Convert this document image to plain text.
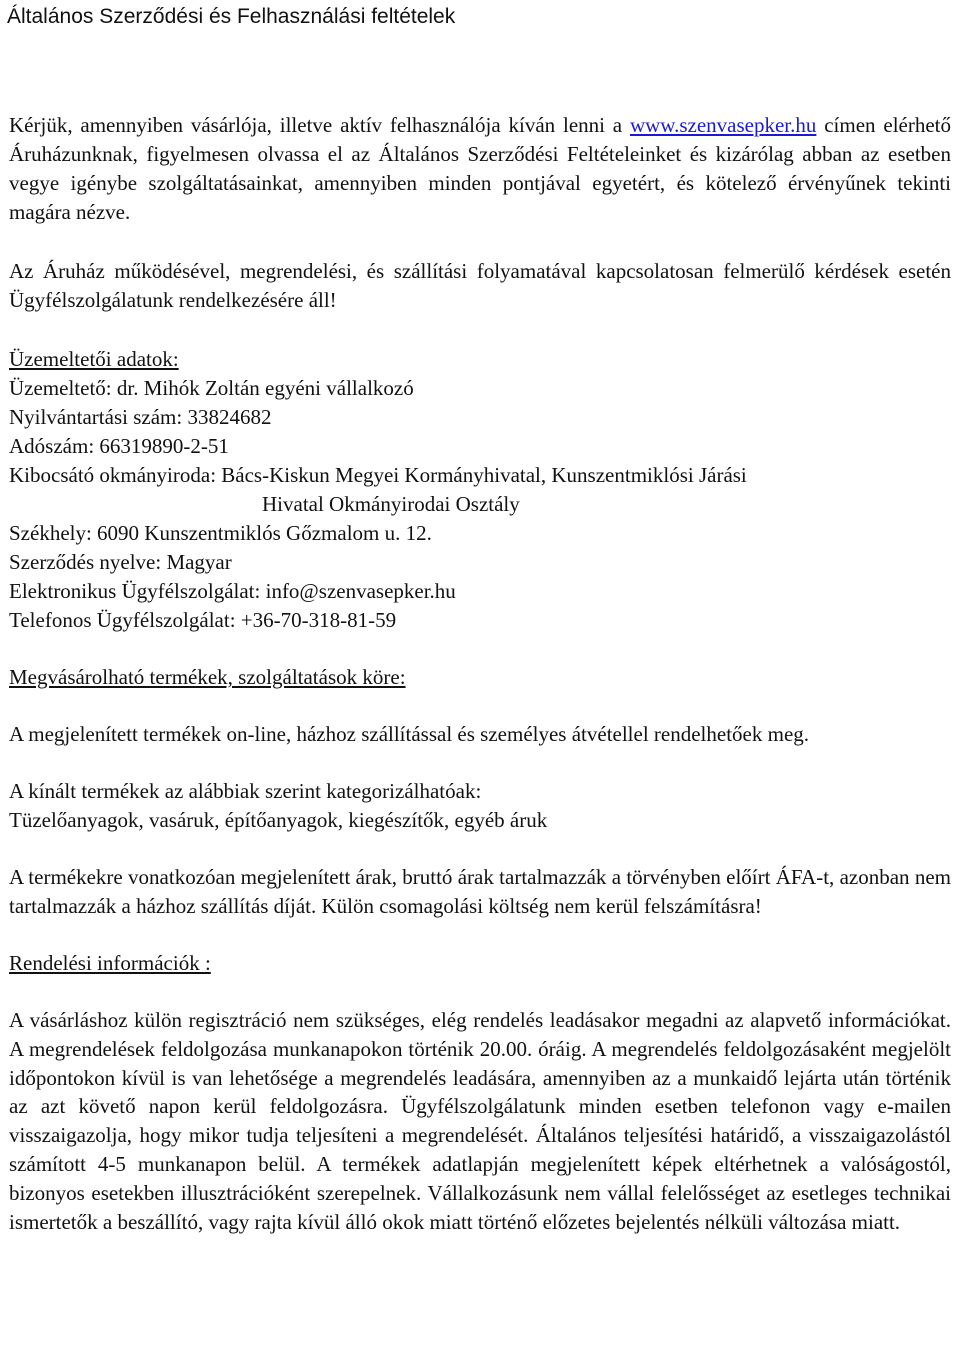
Általános Szerződési és Felhasználási feltételek

Kérjük, amennyiben vásárlója, illetve aktív felhasználója kíván lenni a www.szenvasepker.hu címen elérhető Áruházunknak, figyelmesen olvassa el az Általános Szerződési Feltételeinket és kizárólag abban az esetben vegye igénybe szolgáltatásainkat, amennyiben minden pontjával egyetért, és kötelező érvényűnek tekinti magára nézve.

Az Áruház működésével, megrendelési, és szállítási folyamatával kapcsolatosan felmerülő kérdések esetén Ügyfélszolgálatunk rendelkezésére áll!

Üzemeltetői adatok:
Üzemeltető: dr. Mihók Zoltán egyéni vállalkozó
Nyilvántartási szám: 33824682
Adószám: 66319890-2-51
Kibocsátó okmányiroda: Bács-Kiskun Megyei Kormányhivatal, Kunszentmiklósi Járási
Hivatal Okmányirodai Osztály
Székhely: 6090 Kunszentmiklós Gőzmalom u. 12.
Szerződés nyelve: Magyar
Elektronikus Ügyfélszolgálat: info@szenvasepker.hu
Telefonos Ügyfélszolgálat: +36-70-318-81-59
Megvásárolható termékek, szolgáltatások köre:

A megjelenített termékek on-line, házhoz szállítással és személyes átvétellel rendelhetőek meg.

A kínált termékek az alábbiak szerint kategorizálhatóak:
Tüzelőanyagok, vasáruk, építőanyagok, kiegészítők, egyéb áruk

A termékekre vonatkozóan megjelenített árak, bruttó árak tartalmazzák a törvényben előírt ÁFA-t, azonban nem tartalmazzák a házhoz szállítás díját. Külön csomagolási költség nem kerül felszámításra!

Rendelési információk :

A vásárláshoz külön regisztráció nem szükséges, elég rendelés leadásakor megadni az alapvető információkat. A megrendelések feldolgozása munkanapokon történik 20.00. óráig. A megrendelés feldolgozásaként megjelölt időpontokon kívül is van lehetősége a megrendelés leadására, amennyiben az a munkaidő lejárta után történik az azt követő napon kerül feldolgozásra. Ügyfélszolgálatunk minden esetben telefonon vagy e-mailen visszaigazolja, hogy mikor tudja teljesíteni a megrendelését. Általános teljesítési határidő, a visszaigazolástól számított 4-5 munkanapon belül. A termékek adatlapján megjelenített képek eltérhetnek a valóságostól, bizonyos esetekben illusztrációként szerepelnek. Vállalkozásunk nem vállal felelősséget az esetleges technikai ismertetők a beszállító, vagy rajta kívül álló okok miatt történő előzetes bejelentés nélküli változása miatt.
